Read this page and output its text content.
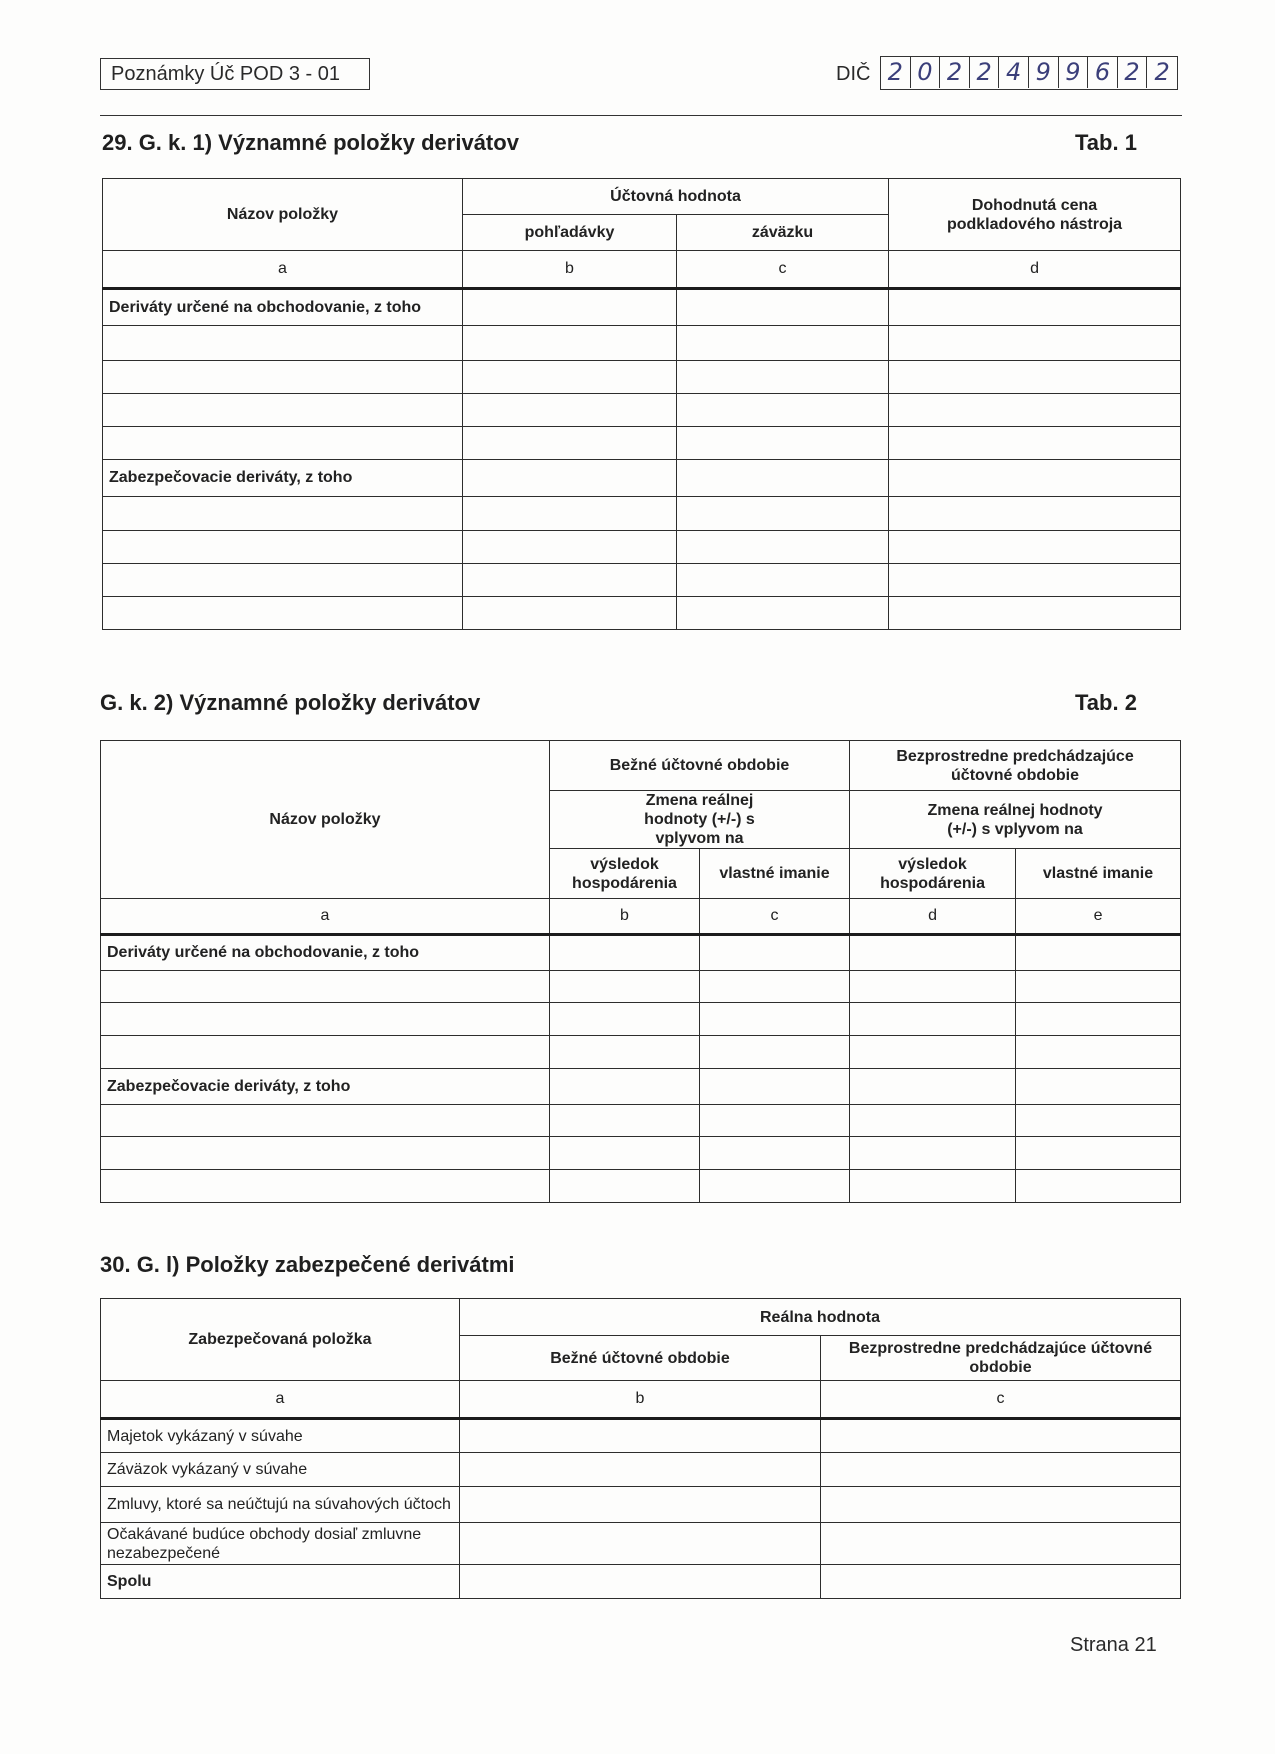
Poznámky Úč POD 3 - 01	DIČ 2 0 2 2 4 9 9 6 2 2
29. G. k. 1) Významné položky derivátov	Tab. 1
Názov položky	Účtovná hodnota		Dohodnutá cena podkladového nástroja
	pohľadávky	záväzku	
a	b	c	d
Deriváty určené na obchodovanie, z toho			

Zabezpečovacie deriváty, z toho			

G. k. 2) Významné položky derivátov	Tab. 2
Názov položky	Bežné účtovné obdobie		Bezprostredne predchádzajúce účtovné obdobie	
	Zmena reálnej hodnoty (+/-) s vplyvom na		Zmena reálnej hodnoty (+/-) s vplyvom na	
	výsledok hospodárenia	vlastné imanie	výsledok hospodárenia	vlastné imanie
a	b	c	d	e
Deriváty určené na obchodovanie, z toho				

Zabezpečovacie deriváty, z toho				

30. G. l) Položky zabezpečené derivátmi
Zabezpečovaná položka	Reálna hodnota	
	Bežné účtovné obdobie	Bezprostredne predchádzajúce účtovné obdobie
a	b	c
Majetok vykázaný v súvahe		
Záväzok vykázaný v súvahe		
Zmluvy, ktoré sa neúčtujú na súvahových účtoch		
Očakávané budúce obchody dosiaľ zmluvne nezabezpečené		
Spolu		
Strana 21
